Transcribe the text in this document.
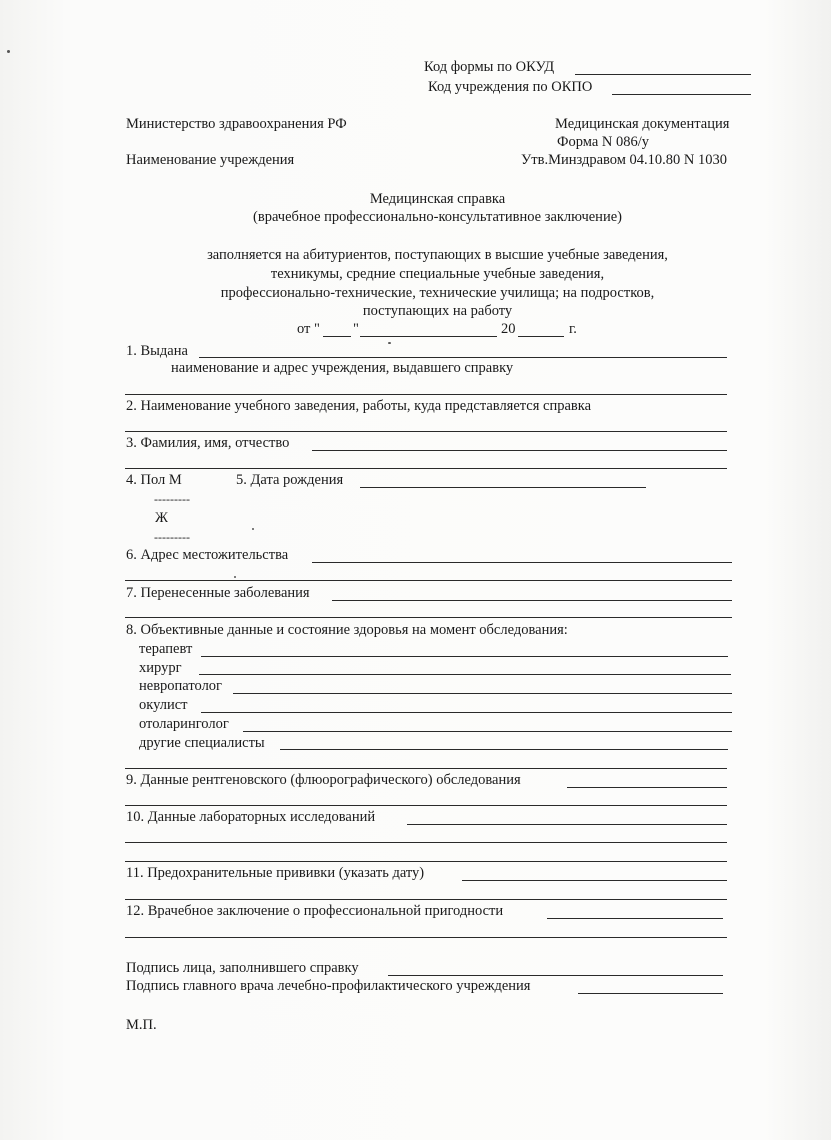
Код формы по ОКУД
Код учреждения по ОКПО
Министерство здравоохранения РФ
Наименование учреждения
Медицинская документация
Форма N 086/у
Утв.Минздравом 04.10.80 N 1030
Медицинская справка
(врачебное профессионально-консультативное заключение)
заполняется на абитуриентов, поступающих в высшие учебные заведения,
техникумы, средние специальные учебные заведения,
профессионально-технические, технические училища; на подростков,
поступающих на работу
от " "	20	г.
1. Выдана
наименование и адрес учреждения, выдавшего справку
2. Наименование учебного заведения, работы, куда представляется справка
3. Фамилия, имя, отчество
4. Пол М
---------
Ж
---------
5. Дата рождения
6. Адрес местожительства
7. Перенесенные заболевания
8. Объективные данные и состояние здоровья на момент обследования:
терапевт
хирург
невропатолог
окулист
отоларинголог
другие специалисты
9. Данные рентгеновского (флюорографического) обследования
10. Данные лабораторных исследований
11. Предохранительные прививки (указать дату)
12. Врачебное заключение о профессиональной пригодности
Подпись лица, заполнившего справку
Подпись главного врача лечебно-профилактического учреждения
М.П.
